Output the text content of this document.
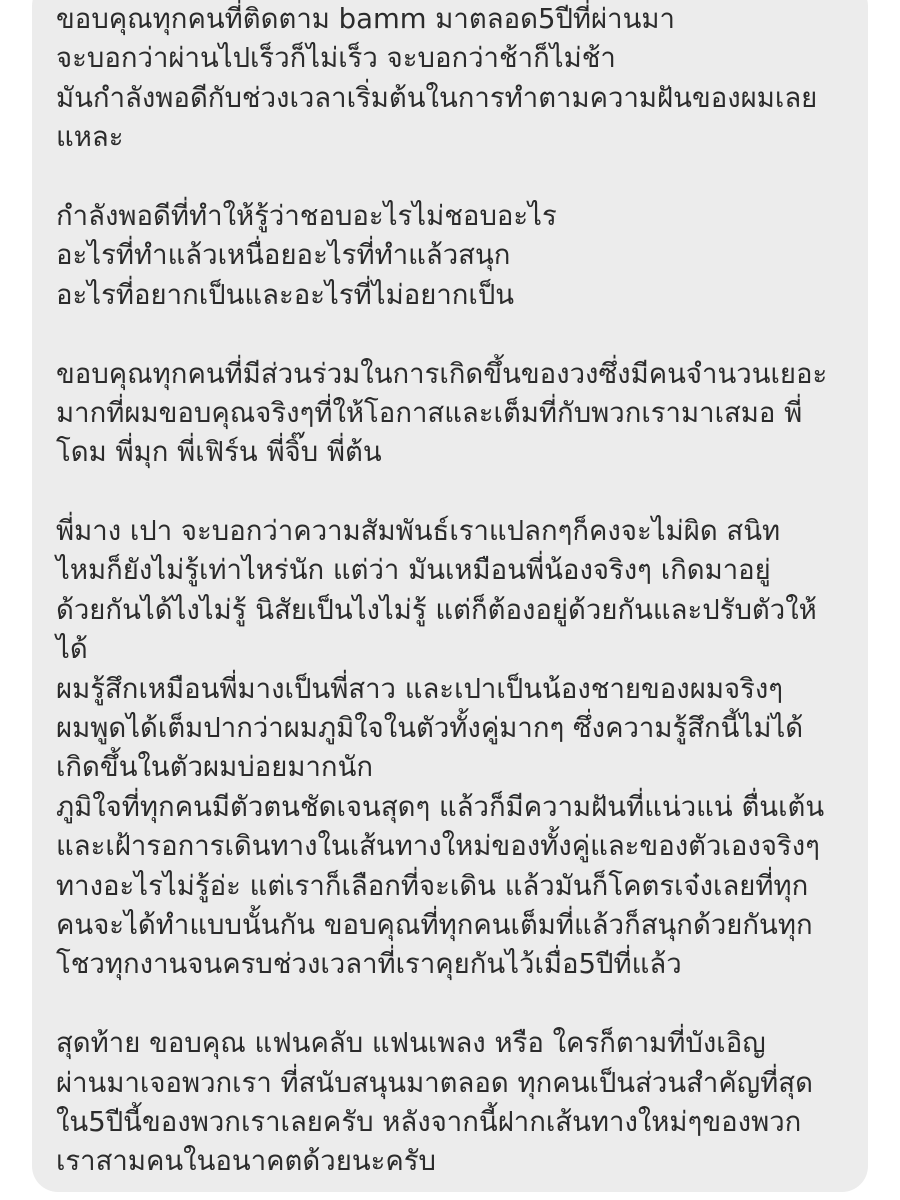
ขอบคุณทุกคนที่ติดตาม bamm มาตลอด5ปีที่ผ่านมา
จะบอกว่าผ่านไปเร็วก็ไม่เร็ว จะบอกว่าช้าก็ไม่ช้า
มันกำลังพอดีกับช่วงเวลาเริ่มต้นในการทำตามความฝันของผมเลย
แหละ
กำลังพอดีที่ทำให้รู้ว่าชอบอะไรไม่ชอบอะไร
อะไรที่ทำแล้วเหนื่อยอะไรที่ทำแล้วสนุก
อะไรที่อยากเป็นและอะไรที่ไม่อยากเป็น
ขอบคุณทุกคนที่มีส่วนร่วมในการเกิดขึ้นของวงซึ่งมีคนจำนวนเยอะ
มากที่ผมขอบคุณจริงๆที่ให้โอกาสและเต็มที่กับพวกเรามาเสมอ พี่
โดม พี่มุก พี่เฟิร์น พี่จิ๊บ พี่ต้น
พี่มาง เปา จะบอกว่าความสัมพันธ์เราแปลกๆก็คงจะไม่ผิด สนิท
ไหมก็ยังไม่รู้เท่าไหร่นัก แต่ว่า มันเหมือนพี่น้องจริงๆ เกิดมาอยู่
ด้วยกันได้ไงไม่รู้ นิสัยเป็นไงไม่รู้ แต่ก็ต้องอยู่ด้วยกันและปรับตัวให้
ได้
ผมรู้สึกเหมือนพี่มางเป็นพี่สาว และเปาเป็นน้องชายของผมจริงๆ
ผมพูดได้เต็มปากว่าผมภูมิใจในตัวทั้งคู่มากๆ ซึ่งความรู้สึกนี้ไม่ได้
เกิดขึ้นในตัวผมบ่อยมากนัก
ภูมิใจที่ทุกคนมีตัวตนชัดเจนสุดๆ แล้วก็มีความฝันที่แน่วแน่ ตื่นเต้น
และเฝ้ารอการเดินทางในเส้นทางใหม่ของทั้งคู่และของตัวเองจริงๆ
ทางอะไรไม่รู้อ่ะ แต่เราก็เลือกที่จะเดิน แล้วมันก็โคตรเจ๋งเลยที่ทุก
คนจะได้ทำแบบนั้นกัน ขอบคุณที่ทุกคนเต็มที่แล้วก็สนุกด้วยกันทุก
โชวทุกงานจนครบช่วงเวลาที่เราคุยกันไว้เมื่อ5ปีที่แล้ว
สุดท้าย ขอบคุณ แฟนคลับ แฟนเพลง หรือ ใครก็ตามที่บังเอิญ
ผ่านมาเจอพวกเรา ที่สนับสนุนมาตลอด ทุกคนเป็นส่วนสำคัญที่สุด
ใน5ปีนี้ของพวกเราเลยครับ หลังจากนี้ฝากเส้นทางใหม่ๆของพวก
เราสามคนในอนาคตด้วยนะครับ
